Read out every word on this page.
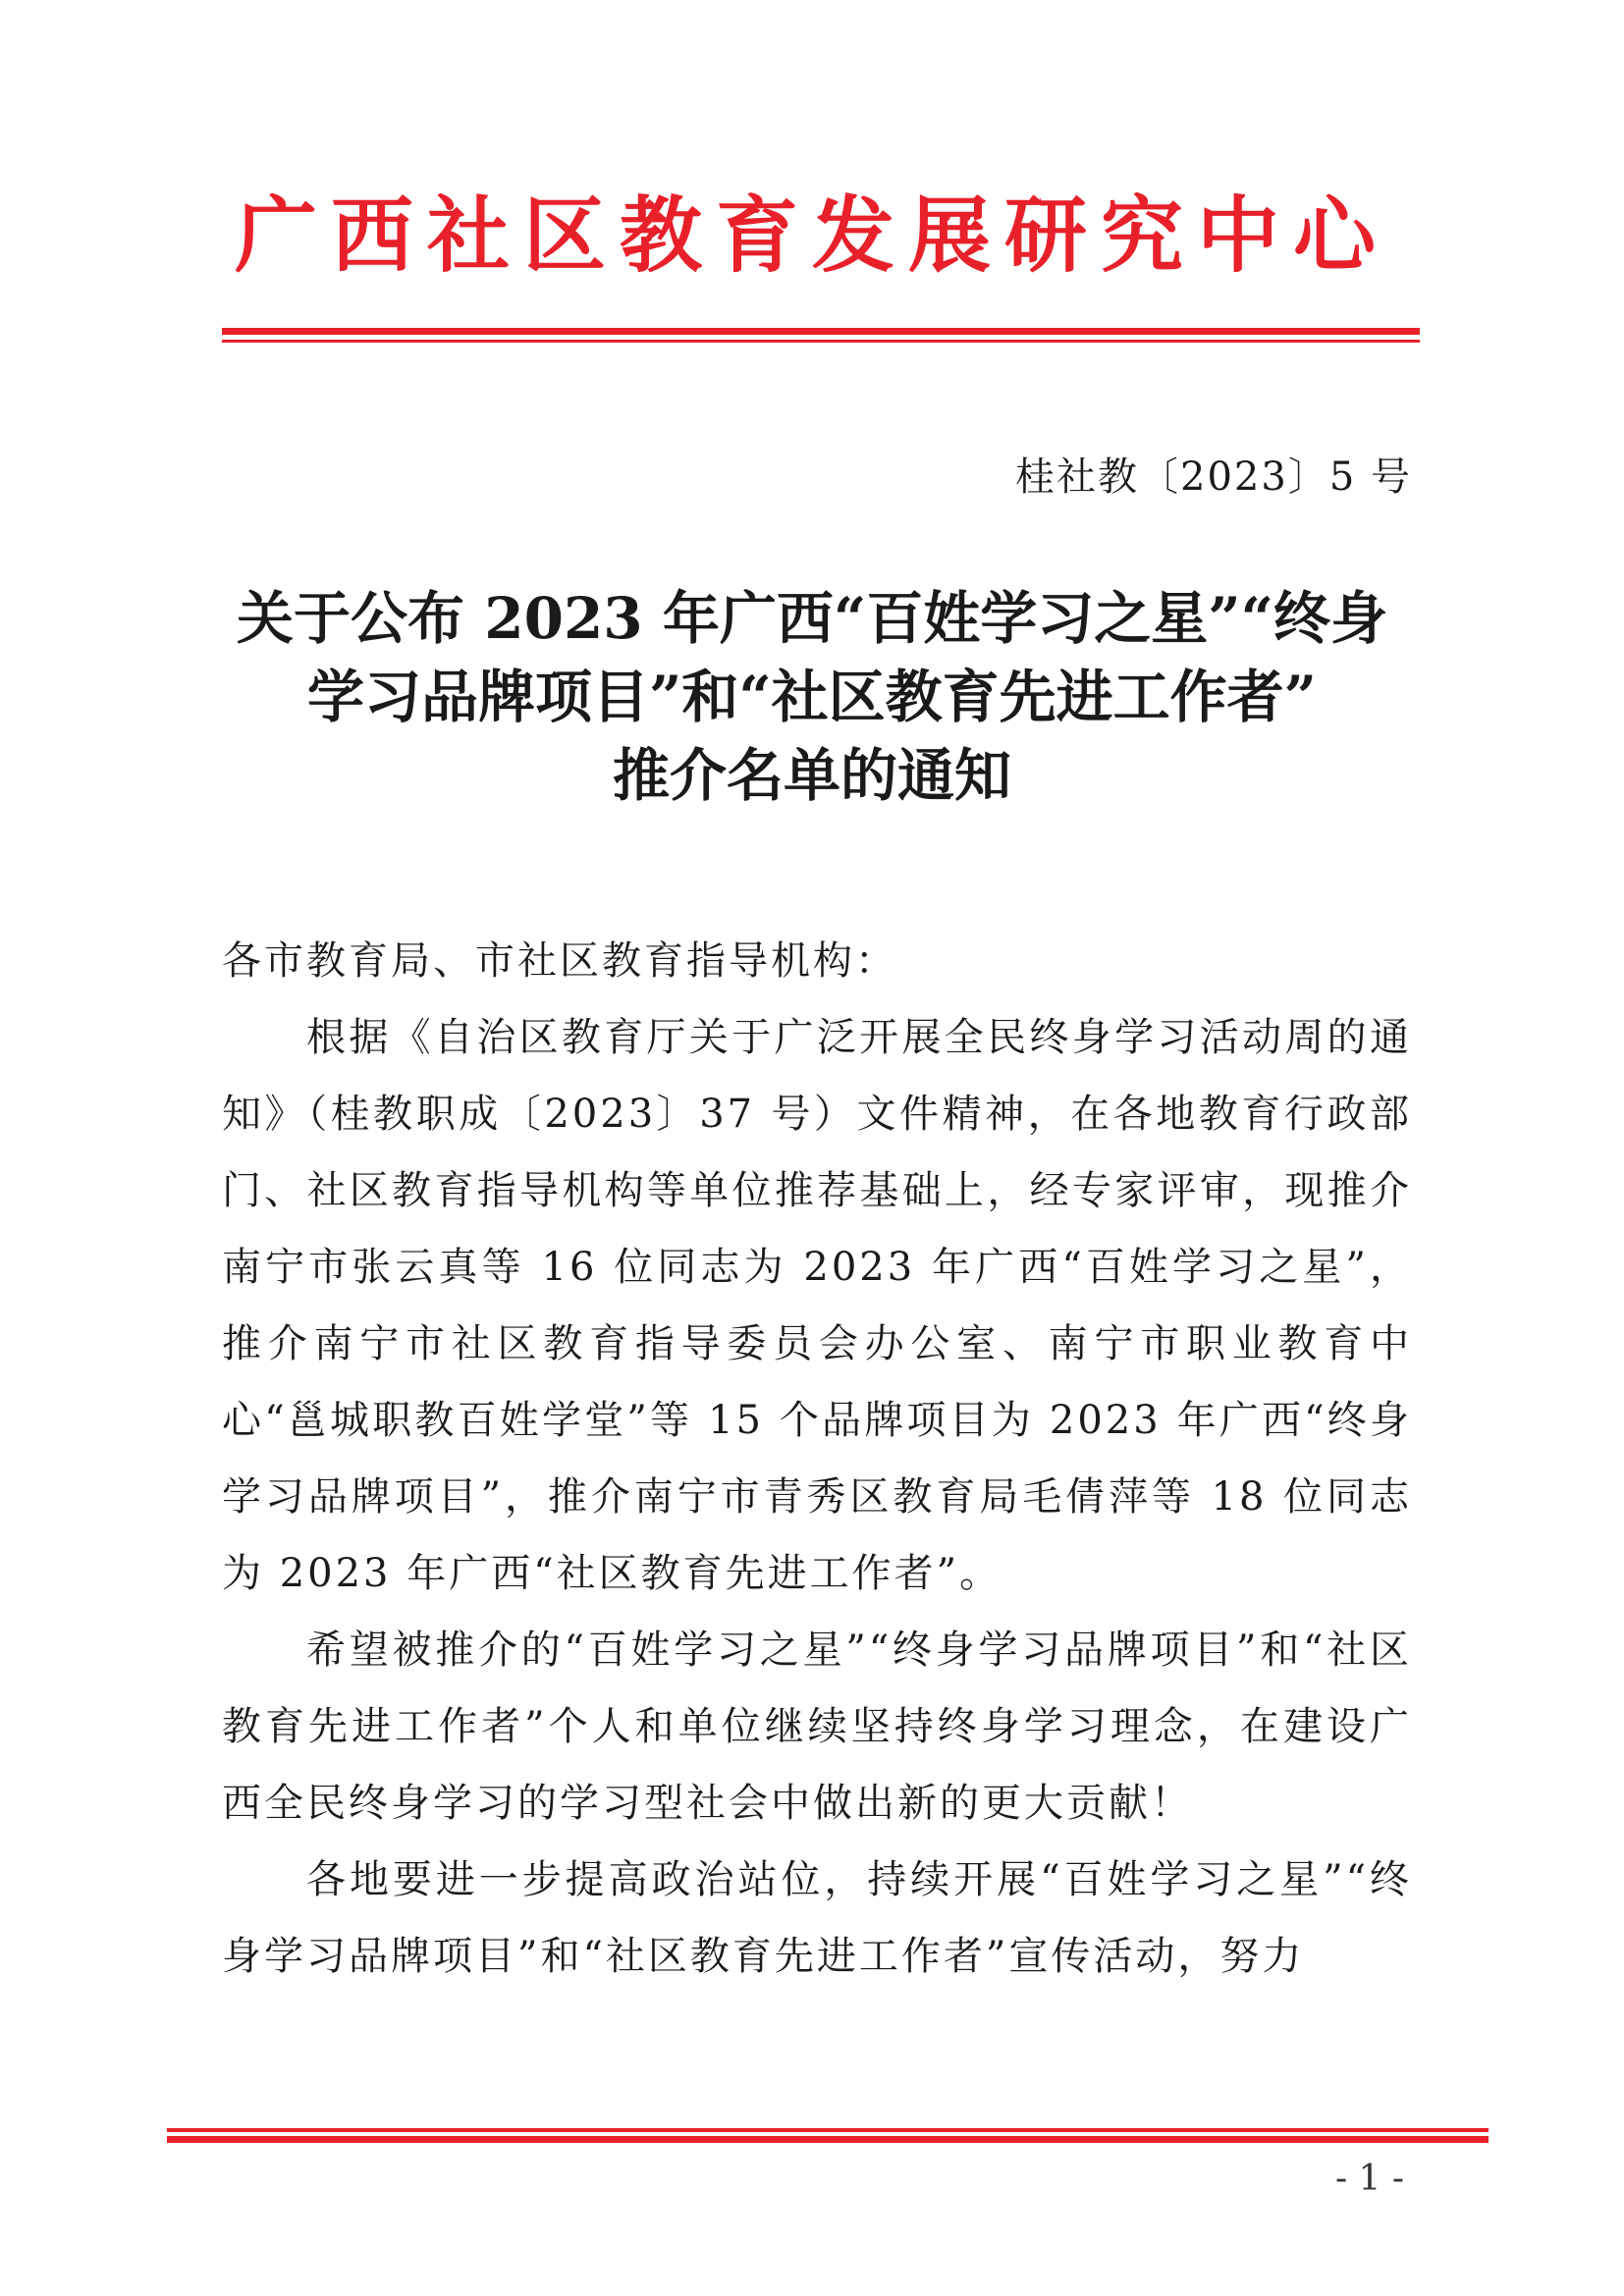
广西社区教育发展研究中心
桂社教〔2023〕5 号
关于公布 2023 年广西“百姓学习之星”“终身
学习品牌项目”和“社区教育先进工作者”
推介名单的通知

各市教育局、市社区教育指导机构：

根据《自治区教育厅关于广泛开展全民终身学习活动周的通知》（桂教职成〔2023〕37 号）文件精神，在各地教育行政部门、社区教育指导机构等单位推荐基础上，经专家评审，现推介南宁市张云真等 16 位同志为 2023 年广西“百姓学习之星”，推介南宁市社区教育指导委员会办公室、南宁市职业教育中心“邕城职教百姓学堂”等 15 个品牌项目为 2023 年广西“终身学习品牌项目”，推介南宁市青秀区教育局毛倩萍等 18 位同志为 2023 年广西“社区教育先进工作者”。

希望被推介的“百姓学习之星”“终身学习品牌项目”和“社区教育先进工作者”个人和单位继续坚持终身学习理念，在建设广西全民终身学习的学习型社会中做出新的更大贡献！

各地要进一步提高政治站位，持续开展“百姓学习之星”“终身学习品牌项目”和“社区教育先进工作者”宣传活动，努力

- 1 -
